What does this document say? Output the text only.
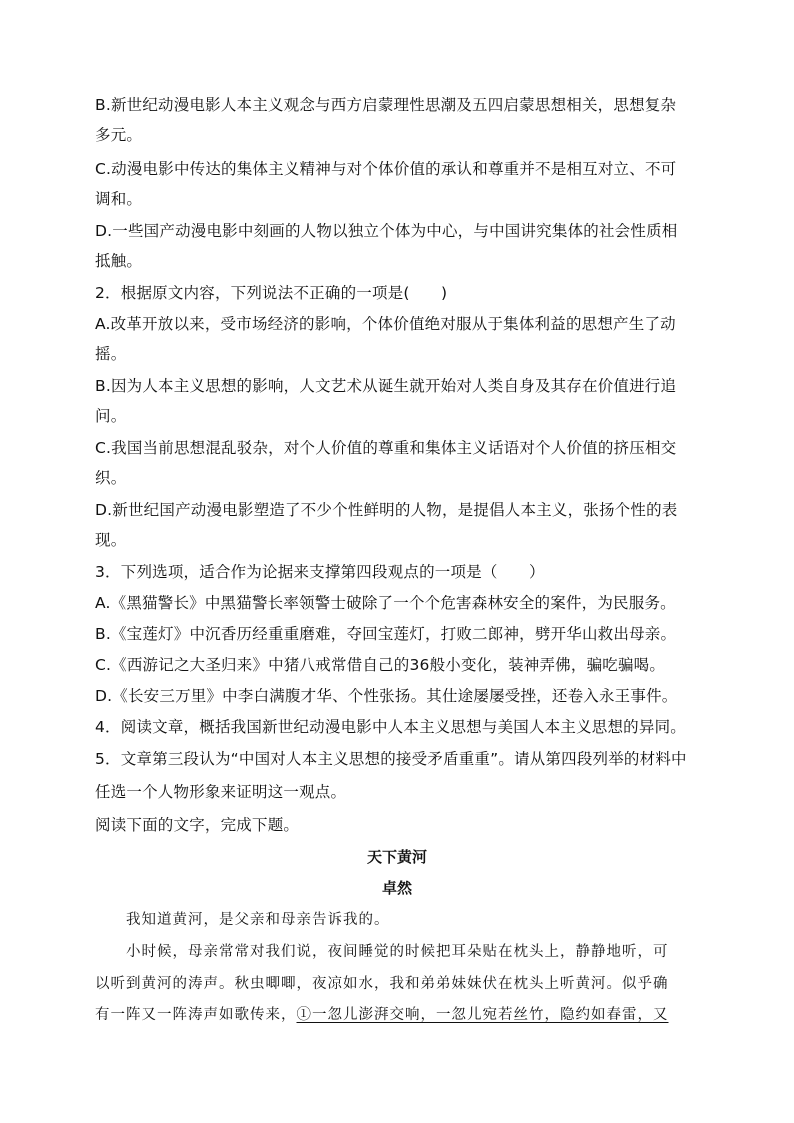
B.新世纪动漫电影人本主义观念与西方启蒙理性思潮及五四启蒙思想相关，思想复杂
多元。
C.动漫电影中传达的集体主义精神与对个体价值的承认和尊重并不是相互对立、不可
调和。
D.一些国产动漫电影中刻画的人物以独立个体为中心，与中国讲究集体的社会性质相
抵触。
2．根据原文内容，下列说法不正确的一项是(　　)
A.改革开放以来，受市场经济的影响，个体价值绝对服从于集体利益的思想产生了动
摇。
B.因为人本主义思想的影响，人文艺术从诞生就开始对人类自身及其存在价值进行追
问。
C.我国当前思想混乱驳杂，对个人价值的尊重和集体主义话语对个人价值的挤压相交
织。
D.新世纪国产动漫电影塑造了不少个性鲜明的人物，是提倡人本主义，张扬个性的表
现。
3．下列选项，适合作为论据来支撑第四段观点的一项是（　　）
A.《黑猫警长》中黑猫警长率领警士破除了一个个危害森林安全的案件，为民服务。
B.《宝莲灯》中沉香历经重重磨难，夺回宝莲灯，打败二郎神，劈开华山救出母亲。
C.《西游记之大圣归来》中猪八戒常借自己的36般小变化，装神弄佛，骗吃骗喝。
D.《长安三万里》中李白满腹才华、个性张扬。其仕途屡屡受挫，还卷入永王事件。
4．阅读文章，概括我国新世纪动漫电影中人本主义思想与美国人本主义思想的异同。
5．文章第三段认为“中国对人本主义思想的接受矛盾重重”。请从第四段列举的材料中
任选一个人物形象来证明这一观点。
阅读下面的文字，完成下题。
天下黄河
卓然
我知道黄河，是父亲和母亲告诉我的。
小时候，母亲常常对我们说，夜间睡觉的时候把耳朵贴在枕头上，静静地听，可
以听到黄河的涛声。秋虫唧唧，夜凉如水，我和弟弟妹妹伏在枕头上听黄河。似乎确
有一阵又一阵涛声如歌传来，①一忽儿澎湃交响，一忽儿宛若丝竹，隐约如春雷，又
